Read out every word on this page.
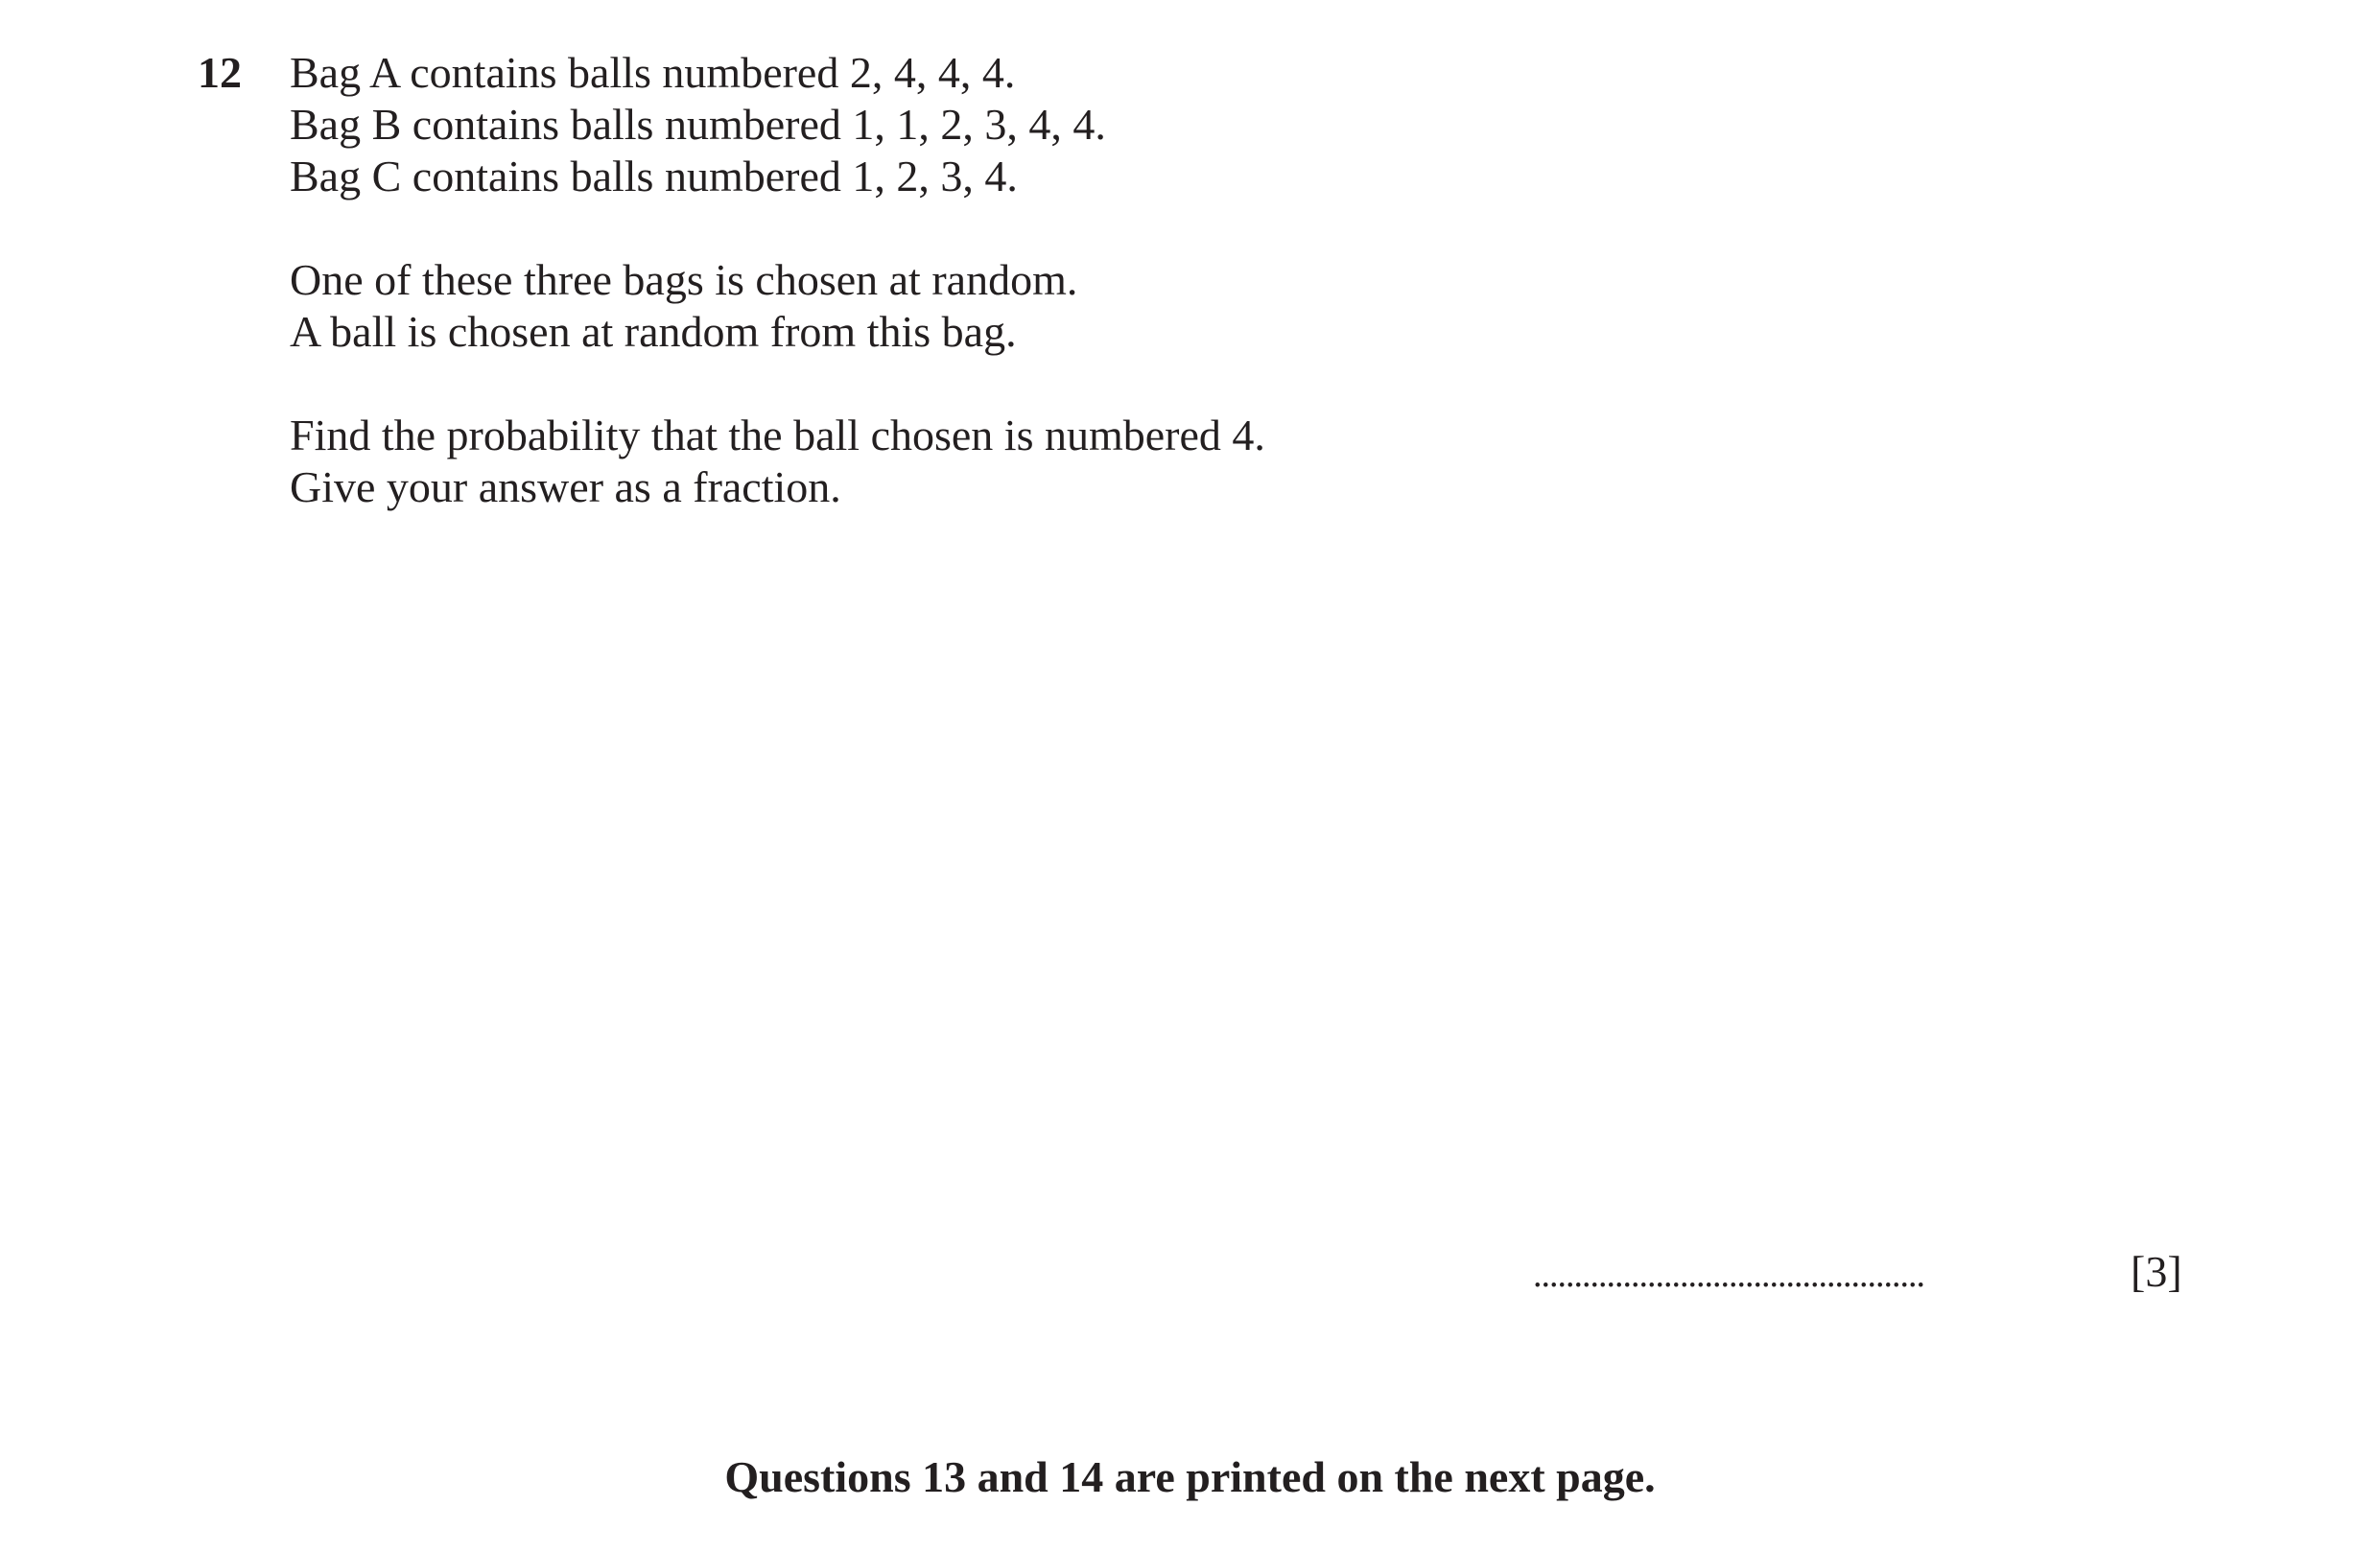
12 Bag A contains balls numbered 2, 4, 4, 4.
Bag B contains balls numbered 1, 1, 2, 3, 4, 4.
Bag C contains balls numbered 1, 2, 3, 4.
One of these three bags is chosen at random.
A ball is chosen at random from this bag.
Find the probability that the ball chosen is numbered 4.
Give your answer as a fraction.
................................................	[3]
Questions 13 and 14 are printed on the next page.
